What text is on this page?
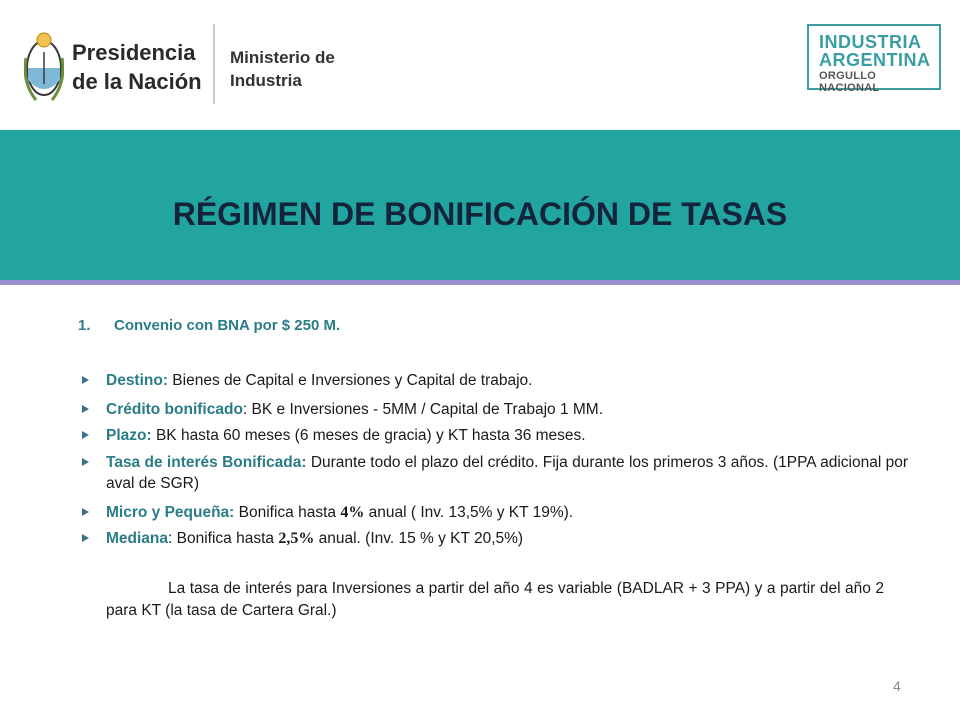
Presidencia
de la Nación
Ministerio de
Industria
INDUSTRIA
ARGENTINA
ORGULLO NACIONAL
RÉGIMEN DE BONIFICACIÓN DE TASAS
1. Convenio con BNA por $ 250 M.
Destino: Bienes de Capital e Inversiones y Capital de trabajo.
Crédito bonificado: BK e Inversiones - 5MM / Capital de Trabajo 1 MM.
Plazo: BK hasta 60 meses (6 meses de gracia) y KT hasta 36 meses.
Tasa de interés Bonificada: Durante todo el plazo del crédito. Fija durante los primeros 3 años. (1PPA adicional por aval de SGR)
Micro y Pequeña: Bonifica hasta 4% anual ( Inv. 13,5% y KT 19%).
Mediana: Bonifica hasta 2,5% anual. (Inv. 15 % y KT 20,5%)
La tasa de interés para Inversiones a partir del año 4 es variable (BADLAR + 3 PPA) y a partir del año 2 para KT (la tasa de Cartera Gral.)
4
